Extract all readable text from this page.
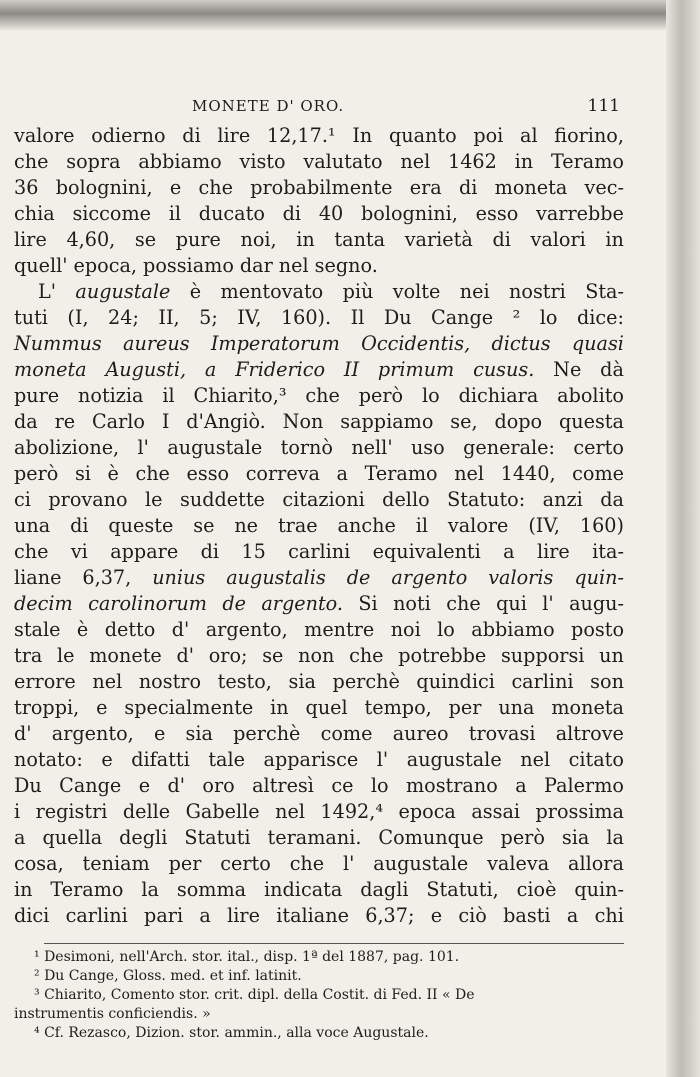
MONETE D' ORO.	111
valore odierno di lire 12,17.¹ In quanto poi al fiorino,
che sopra abbiamo visto valutato nel 1462 in Teramo
36 bolognini, e che probabilmente era di moneta vec-
chia siccome il ducato di 40 bolognini, esso varrebbe
lire 4,60, se pure noi, in tanta varietà di valori in
quell' epoca, possiamo dar nel segno.
L' augustale è mentovato più volte nei nostri Sta-
tuti (I, 24; II, 5; IV, 160). Il Du Cange ² lo dice:
Nummus aureus Imperatorum Occidentis, dictus quasi
moneta Augusti, a Friderico II primum cusus. Ne dà
pure notizia il Chiarito,³ che però lo dichiara abolito
da re Carlo I d'Angiò. Non sappiamo se, dopo questa
abolizione, l' augustale tornò nell' uso generale: certo
però si è che esso correva a Teramo nel 1440, come
ci provano le suddette citazioni dello Statuto: anzi da
una di queste se ne trae anche il valore (IV, 160)
che vi appare di 15 carlini equivalenti a lire ita-
liane 6,37, unius augustalis de argento valoris quin-
decim carolinorum de argento. Si noti che qui l' augu-
stale è detto d' argento, mentre noi lo abbiamo posto
tra le monete d' oro; se non che potrebbe supporsi un
errore nel nostro testo, sia perchè quindici carlini son
troppi, e specialmente in quel tempo, per una moneta
d' argento, e sia perchè come aureo trovasi altrove
notato: e difatti tale apparisce l' augustale nel citato
Du Cange e d' oro altresì ce lo mostrano a Palermo
i registri delle Gabelle nel 1492,⁴ epoca assai prossima
a quella degli Statuti teramani. Comunque però sia la
cosa, teniam per certo che l' augustale valeva allora
in Teramo la somma indicata dagli Statuti, cioè quin-
dici carlini pari a lire italiane 6,37; e ciò basti a chi
¹ Desimoni, nell'Arch. stor. ital., disp. 1ª del 1887, pag. 101.
² Du Cange, Gloss. med. et inf. latinit.
³ Chiarito, Comento stor. crit. dipl. della Costit. di Fed. II « De
instrumentis conficiendis. »
⁴ Cf. Rezasco, Dizion. stor. ammin., alla voce Augustale.
